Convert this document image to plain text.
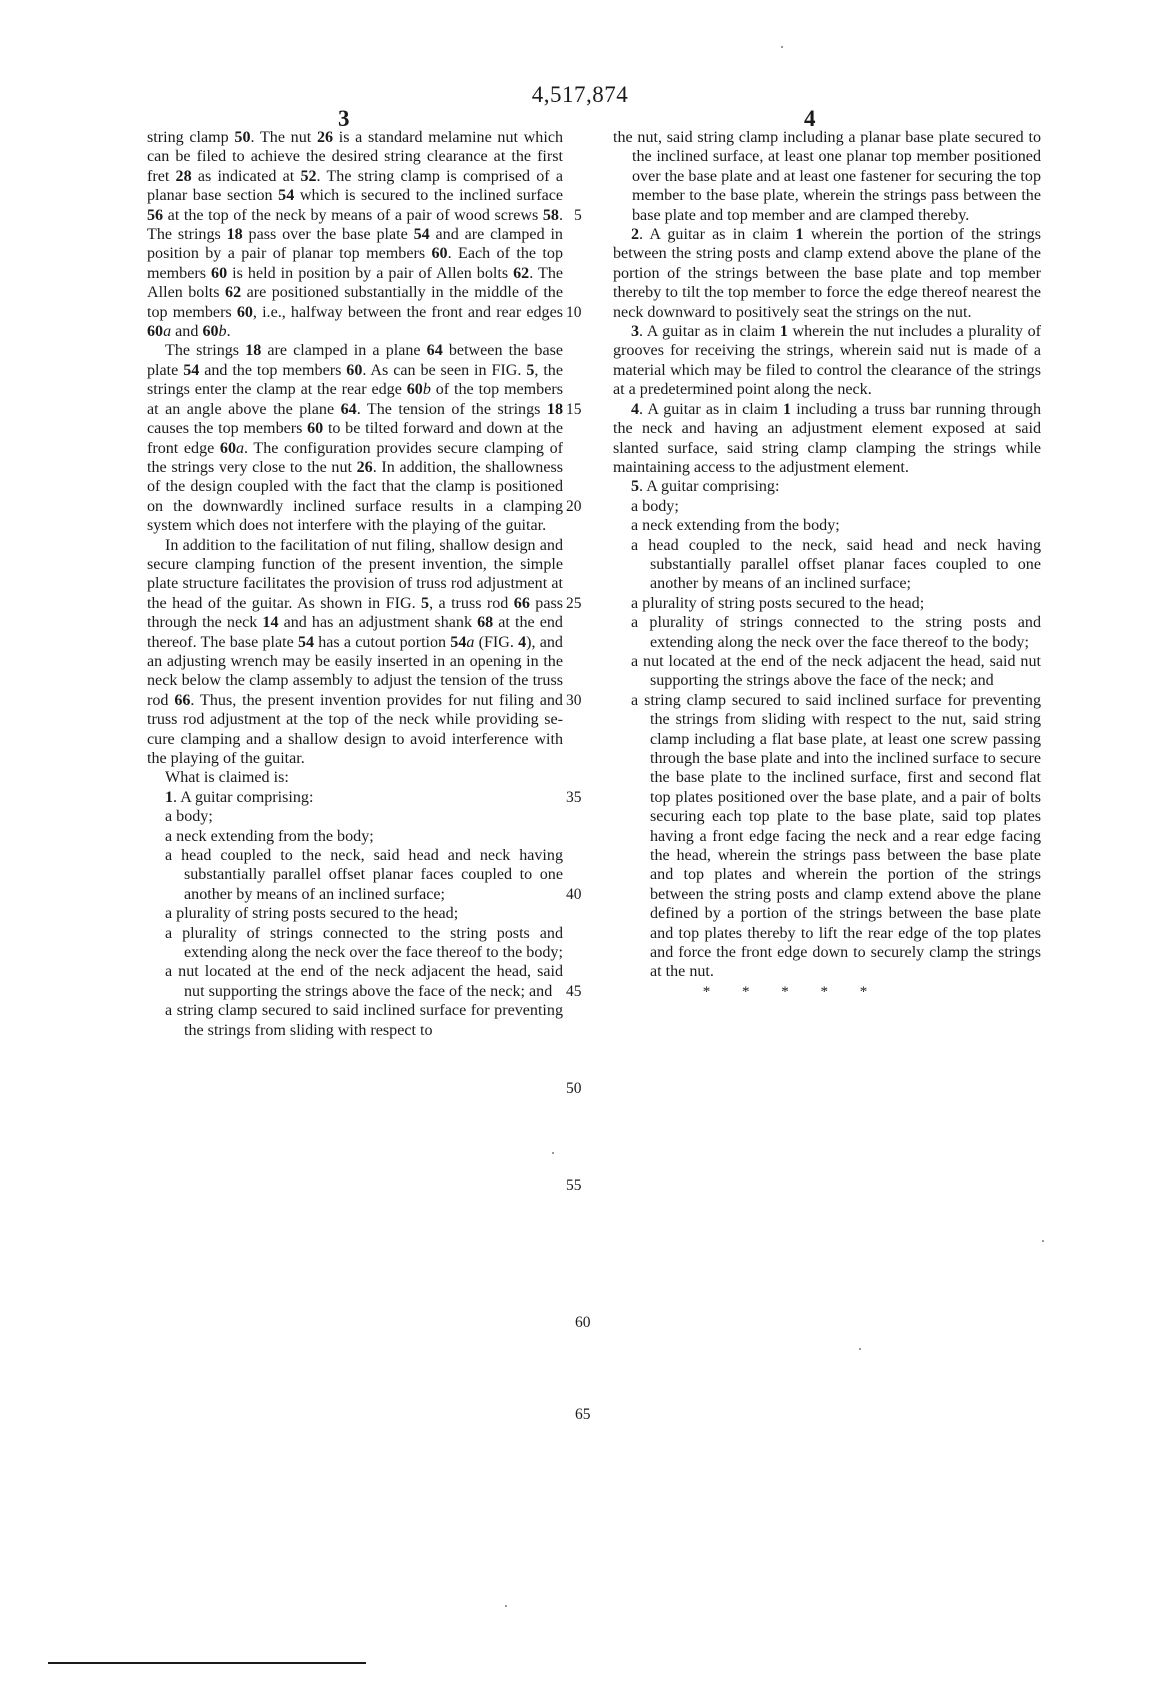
4,517,874
3	4

string clamp 50. The nut 26 is a standard melamine nut which can be filed to achieve the desired string clearance at the first fret 28 as indicated at 52. The string clamp is comprised of a planar base section 54 which is secured to the inclined surface 56 at the top of the neck by means of a pair of wood screws 58. The strings 18 pass over the base plate 54 and are clamped in position by a pair of planar top members 60. Each of the top members 60 is held in position by a pair of Allen bolts 62. The Allen bolts 62 are positioned substantially in the middle of the top members 60, i.e., halfway between the front and rear edges 60a and 60b.

The strings 18 are clamped in a plane 64 between the base plate 54 and the top members 60. As can be seen in FIG. 5, the strings enter the clamp at the rear edge 60b of the top members at an angle above the plane 64. The tension of the strings 18 causes the top members 60 to be tilted forward and down at the front edge 60a. The configuration provides secure clamping of the strings very close to the nut 26. In addition, the shallowness of the design coupled with the fact that the clamp is positioned on the downwardly inclined surface results in a clamping system which does not interfere with the playing of the guitar.

In addition to the facilitation of nut filing, shallow design and secure clamping function of the present invention, the simple plate structure facilitates the provision of truss rod adjustment at the head of the guitar. As shown in FIG. 5, a truss rod 66 pass through the neck 14 and has an adjustment shank 68 at the end thereof. The base plate 54 has a cutout portion 54a (FIG. 4), and an adjusting wrench may be easily inserted in an opening in the neck below the clamp assembly to adjust the tension of the truss rod 66. Thus, the present invention provides for nut filing and truss rod adjustment at the top of the neck while providing secure clamping and a shallow design to avoid interference with the playing of the guitar.

What is claimed is:

1. A guitar comprising:

a body;

a neck extending from the body;

a head coupled to the neck, said head and neck having substantially parallel offset planar faces coupled to one another by means of an inclined surface;

a plurality of string posts secured to the head;

a plurality of strings connected to the string posts and extending along the neck over the face thereof to the body;

a nut located at the end of the neck adjacent the head, said nut supporting the strings above the face of the neck; and

a string clamp secured to said inclined surface for preventing the strings from sliding with respect to

the nut, said string clamp including a planar base plate secured to the inclined surface, at least one planar top member positioned over the base plate and at least one fastener for securing the top member to the base plate, wherein the strings pass between the base plate and top member and are clamped thereby.

2. A guitar as in claim 1 wherein the portion of the strings between the string posts and clamp extend above the plane of the portion of the strings between the base plate and top member thereby to tilt the top member to force the edge thereof nearest the neck downward to positively seat the strings on the nut.

3. A guitar as in claim 1 wherein the nut includes a plurality of grooves for receiving the strings, wherein said nut is made of a material which may be filed to control the clearance of the strings at a predetermined point along the neck.

4. A guitar as in claim 1 including a truss bar running through the neck and having an adjustment element exposed at said slanted surface, said string clamp clamping the strings while maintaining access to the adjustment element.

5. A guitar comprising:

a body;

a neck extending from the body;

a head coupled to the neck, said head and neck having substantially parallel offset planar faces coupled to one another by means of an inclined surface;

a plurality of string posts secured to the head;

a plurality of strings connected to the string posts and extending along the neck over the face thereof to the body;

a nut located at the end of the neck adjacent the head, said nut supporting the strings above the face of the neck; and

a string clamp secured to said inclined surface for preventing the strings from sliding with respect to the nut, said string clamp including a flat base plate, at least one screw passing through the base plate and into the inclined surface to secure the base plate to the inclined surface, first and second flat top plates positioned over the base plate, and a pair of bolts securing each top plate to the base plate, said top plates having a front edge facing the neck and a rear edge facing the head, wherein the strings pass between the base plate and top plates and wherein the portion of the strings between the string posts and clamp extend above the plane defined by a portion of the strings between the base plate and top plates thereby to lift the rear edge of the top plates and force the front edge down to securely clamp the strings at the nut.

* * * * *

5
10
15
20
25
30
35
40
45
50
55
60
65
